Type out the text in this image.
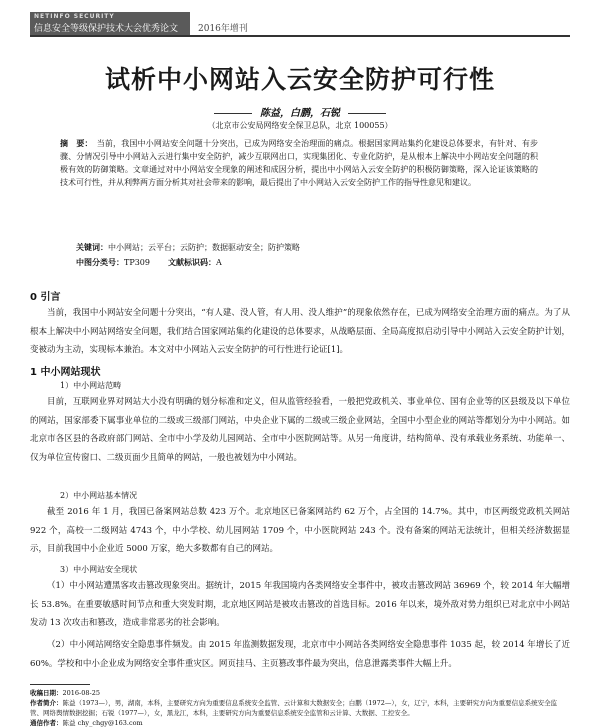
NETINFO SECURITY
信息安全等级保护技术大会优秀论文 2016年增刊
试析中小网站入云安全防护可行性
陈益，白鹏，石锐
（北京市公安局网络安全保卫总队，北京 100055）
摘　要： 当前，我国中小网站安全问题十分突出，已成为网络安全治理面的痛点。根据国家网站集约化建设总体要求，有针对、有步骤、分情况引导中小网站入云进行集中安全防护，减少互联网出口，实现集团化、专业化防护，是从根本上解决中小网站安全问题的积极有效的防御策略。文章通过对中小网站安全现象的阐述和成因分析，提出中小网站入云安全防护的积极防御策略，深入论证该策略的技术可行性，并从利弊两方面分析其对社会带来的影响，最后提出了中小网站入云安全防护工作的指导性意见和建议。
关键词：中小网站；云平台；云防护；数据驱动安全；防护策略
中图分类号：TP309 文献标识码：A
0 引言
当前，我国中小网站安全问题十分突出，“有人建、没人管，有人用、没人维护”的现象依然存在，已成为网络安全治理方面的痛点。为了从根本上解决中小网站网络安全问题，我们结合国家网站集约化建设的总体要求，从战略层面、全局高度拟启动引导中小网站入云安全防护计划，变被动为主动，实现标本兼治。本文对中小网站入云安全防护的可行性进行论证[1]。
1 中小网站现状
1）中小网站范畴
目前，互联网业界对网站大小没有明确的划分标准和定义，但从监管经验看，一般把党政机关、事业单位、国有企业等的区县级及以下单位的网站，国家部委下属事业单位的二级或三级部门网站，中央企业下属的二级或三级企业网站，全国中小型企业的网站等都划分为中小网站。如北京市各区县的各政府部门网站、全市中小学及幼儿园网站、全市中小医院网站等。从另一角度讲，结构简单、没有承载业务系统、功能单一、仅为单位宣传窗口、二级页面少且简单的网站，一般也被划为中小网站。
2）中小网站基本情况
截至 2016 年 1 月，我国已备案网站总数 423 万个。北京地区已备案网站约 62 万个，占全国的 14.7%。其中，市区两级党政机关网站 922 个，高校一二级网站 4743 个，中小学校、幼儿园网站 1709 个，中小医院网站 243 个。没有备案的网站无法统计，但相关经济数据显示，目前我国中小企业近 5000 万家，绝大多数都有自己的网站。
3）中小网站安全现状
（1）中小网站遭黑客攻击篡改现象突出。据统计，2015 年我国境内各类网络安全事件中，被攻击篡改网站 36969 个，较 2014 年大幅增长 53.8%。在重要敏感时间节点和重大突发时期，北京地区网站是被攻击篡改的首选目标。2016 年以来，境外敌对势力组织已对北京中小网站发动 13 次攻击和篡改，造成非常恶劣的社会影响。
（2）中小网站网络安全隐患事件频发。由 2015 年监测数据发现，北京市中小网站各类网络安全隐患事件 1035 起，较 2014 年增长了近 60%。学校和中小企业成为网络安全事件重灾区。网页挂马、主页篡改事件最为突出，信息泄露类事件大幅上升。
收稿日期：2016-08-25
作者简介：陈益（1973—），男，湖南，本科，主要研究方向为重要信息系统安全监管、云计算和大数据安全；白鹏（1972—），女，辽宁，本科，主要研究方向为重要信息系统安全监管、网络舆情数据挖掘；石锐（1977—），女，黑龙江，本科，主要研究方向为重要信息系统安全监管和云计算、大数据、工控安全。
通信作者：陈益 chy_chgy@163.com
